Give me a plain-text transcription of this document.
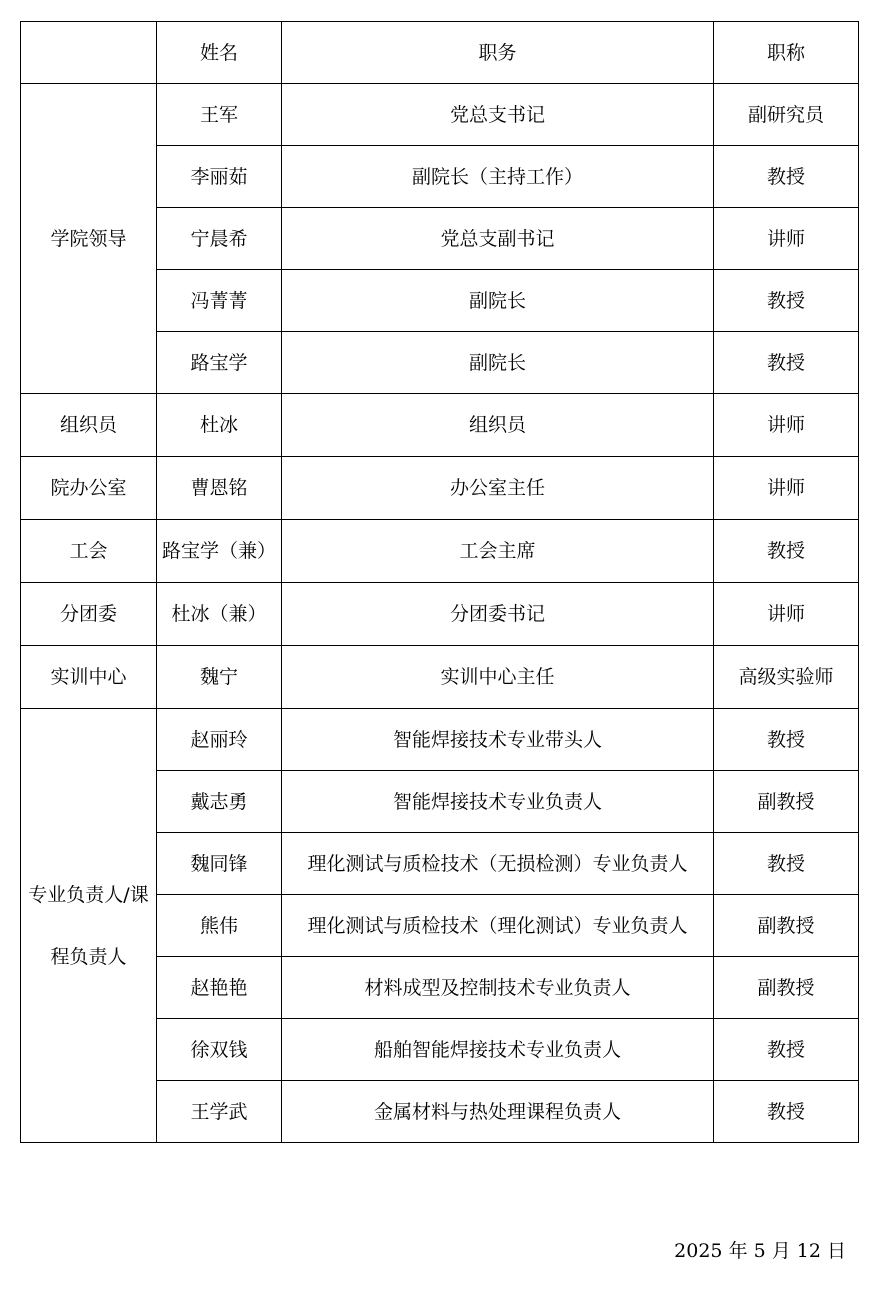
	姓名	职务	职称
学院领导	王军	党总支书记	副研究员
	李丽茹	副院长（主持工作）	教授
	宁晨希	党总支副书记	讲师
	冯菁菁	副院长	教授
	路宝学	副院长	教授
组织员	杜冰	组织员	讲师
院办公室	曹恩铭	办公室主任	讲师
工会	路宝学（兼）	工会主席	教授
分团委	杜冰（兼）	分团委书记	讲师
实训中心	魏宁	实训中心主任	高级实验师
专业负责人/课程负责人	赵丽玲	智能焊接技术专业带头人	教授
	戴志勇	智能焊接技术专业负责人	副教授
	魏同锋	理化测试与质检技术（无损检测）专业负责人	教授
	熊伟	理化测试与质检技术（理化测试）专业负责人	副教授
	赵艳艳	材料成型及控制技术专业负责人	副教授
	徐双钱	船舶智能焊接技术专业负责人	教授
	王学武	金属材料与热处理课程负责人	教授
2025 年 5 月 12 日
